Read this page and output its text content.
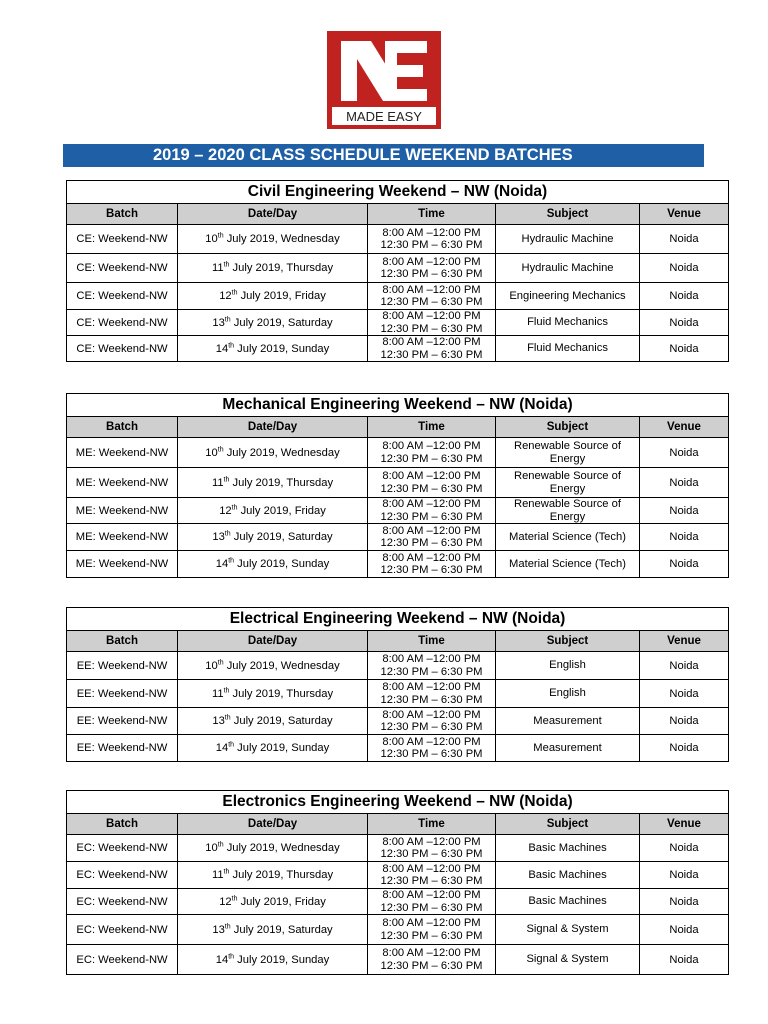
MADE EASY
2019 – 2020 CLASS SCHEDULE WEEKEND BATCHES
Civil Engineering Weekend – NW (Noida)				
Batch	Date/Day	Time	Subject	Venue
CE: Weekend-NW	10th July 2019, Wednesday	8:00 AM –12:00 PM
12:30 PM – 6:30 PM	Hydraulic Machine	Noida
CE: Weekend-NW	11th July 2019, Thursday	8:00 AM –12:00 PM
12:30 PM – 6:30 PM	Hydraulic Machine	Noida
CE: Weekend-NW	12th July 2019, Friday	8:00 AM –12:00 PM
12:30 PM – 6:30 PM	Engineering Mechanics	Noida
CE: Weekend-NW	13th July 2019, Saturday	8:00 AM –12:00 PM
12:30 PM – 6:30 PM	Fluid Mechanics	Noida
CE: Weekend-NW	14th July 2019, Sunday	8:00 AM –12:00 PM
12:30 PM – 6:30 PM	Fluid Mechanics	Noida
Mechanical Engineering Weekend – NW (Noida)				
Batch	Date/Day	Time	Subject	Venue
ME: Weekend-NW	10th July 2019, Wednesday	8:00 AM –12:00 PM
12:30 PM – 6:30 PM	Renewable Source of Energy	Noida
ME: Weekend-NW	11th July 2019, Thursday	8:00 AM –12:00 PM
12:30 PM – 6:30 PM	Renewable Source of Energy	Noida
ME: Weekend-NW	12th July 2019, Friday	8:00 AM –12:00 PM
12:30 PM – 6:30 PM	Renewable Source of Energy	Noida
ME: Weekend-NW	13th July 2019, Saturday	8:00 AM –12:00 PM
12:30 PM – 6:30 PM	Material Science (Tech)	Noida
ME: Weekend-NW	14th July 2019, Sunday	8:00 AM –12:00 PM
12:30 PM – 6:30 PM	Material Science (Tech)	Noida
Electrical Engineering Weekend – NW (Noida)				
Batch	Date/Day	Time	Subject	Venue
EE: Weekend-NW	10th July 2019, Wednesday	8:00 AM –12:00 PM
12:30 PM – 6:30 PM	English	Noida
EE: Weekend-NW	11th July 2019, Thursday	8:00 AM –12:00 PM
12:30 PM – 6:30 PM	English	Noida
EE: Weekend-NW	13th July 2019, Saturday	8:00 AM –12:00 PM
12:30 PM – 6:30 PM	Measurement	Noida
EE: Weekend-NW	14th July 2019, Sunday	8:00 AM –12:00 PM
12:30 PM – 6:30 PM	Measurement	Noida
Electronics Engineering Weekend – NW (Noida)				
Batch	Date/Day	Time	Subject	Venue
EC: Weekend-NW	10th July 2019, Wednesday	8:00 AM –12:00 PM
12:30 PM – 6:30 PM	Basic Machines	Noida
EC: Weekend-NW	11th July 2019, Thursday	8:00 AM –12:00 PM
12:30 PM – 6:30 PM	Basic Machines	Noida
EC: Weekend-NW	12th July 2019, Friday	8:00 AM –12:00 PM
12:30 PM – 6:30 PM	Basic Machines	Noida
EC: Weekend-NW	13th July 2019, Saturday	8:00 AM –12:00 PM
12:30 PM – 6:30 PM	Signal & System	Noida
EC: Weekend-NW	14th July 2019, Sunday	8:00 AM –12:00 PM
12:30 PM – 6:30 PM	Signal & System	Noida
